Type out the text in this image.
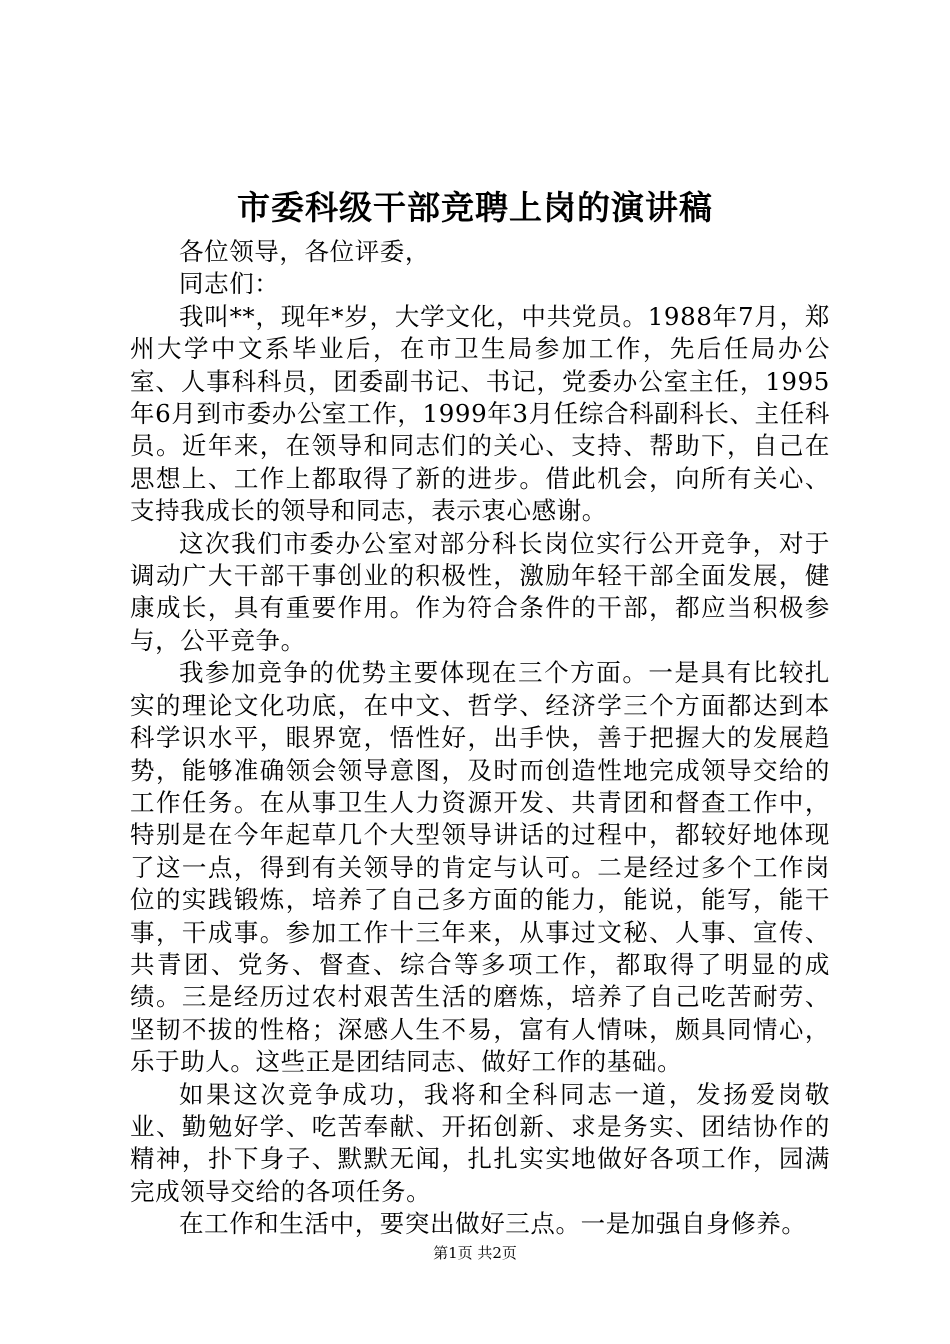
市委科级干部竞聘上岗的演讲稿

各位领导，各位评委，

同志们：

我叫**，现年*岁，大学文化，中共党员。1988年7月，郑州大学中文系毕业后，在市卫生局参加工作，先后任局办公室、人事科科员，团委副书记、书记，党委办公室主任，1995年6月到市委办公室工作，1999年3月任综合科副科长、主任科员。近年来，在领导和同志们的关心、支持、帮助下，自己在思想上、工作上都取得了新的进步。借此机会，向所有关心、支持我成长的领导和同志，表示衷心感谢。

这次我们市委办公室对部分科长岗位实行公开竞争，对于调动广大干部干事创业的积极性，激励年轻干部全面发展，健康成长，具有重要作用。作为符合条件的干部，都应当积极参与，公平竞争。

我参加竞争的优势主要体现在三个方面。一是具有比较扎实的理论文化功底，在中文、哲学、经济学三个方面都达到本科学识水平，眼界宽，悟性好，出手快，善于把握大的发展趋势，能够准确领会领导意图，及时而创造性地完成领导交给的工作任务。在从事卫生人力资源开发、共青团和督查工作中，特别是在今年起草几个大型领导讲话的过程中，都较好地体现了这一点，得到有关领导的肯定与认可。二是经过多个工作岗位的实践锻炼，培养了自己多方面的能力，能说，能写，能干事，干成事。参加工作十三年来，从事过文秘、人事、宣传、共青团、党务、督查、综合等多项工作，都取得了明显的成绩。三是经历过农村艰苦生活的磨炼，培养了自己吃苦耐劳、坚韧不拔的性格；深感人生不易，富有人情味，颇具同情心，乐于助人。这些正是团结同志、做好工作的基础。

如果这次竞争成功，我将和全科同志一道，发扬爱岗敬业、勤勉好学、吃苦奉献、开拓创新、求是务实、团结协作的精神，扑下身子、默默无闻，扎扎实实地做好各项工作，园满完成领导交给的各项任务。

在工作和生活中，要突出做好三点。一是加强自身修养。

第1页 共2页
